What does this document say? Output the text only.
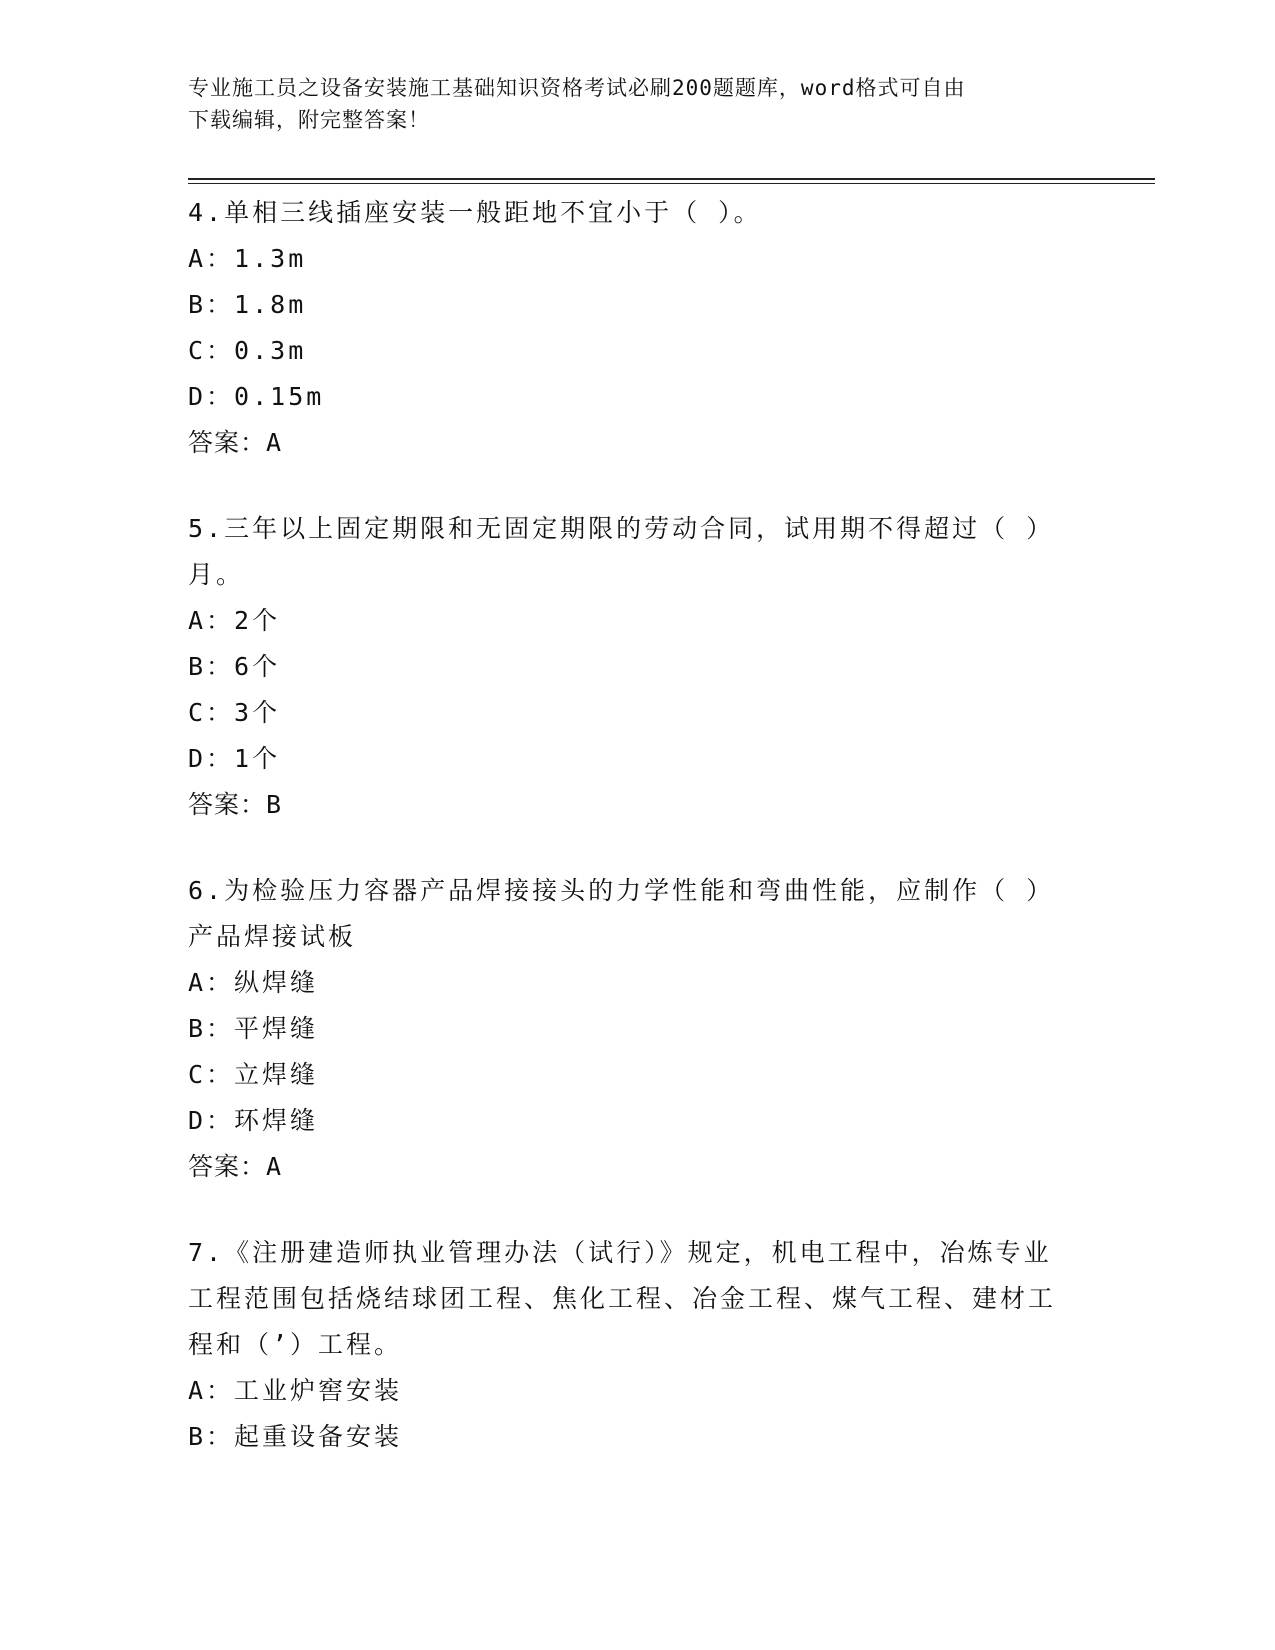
专业施工员之设备安装施工基础知识资格考试必刷200题题库，word格式可自由
下载编辑，附完整答案！
4.单相三线插座安装一般距地不宜小于（ ）。
A：1.3m
B：1.8m
C：0.3m
D：0.15m
答案：A
5.三年以上固定期限和无固定期限的劳动合同，试用期不得超过（ ）月。
A：2个
B：6个
C：3个
D：1个
答案：B
6.为检验压力容器产品焊接接头的力学性能和弯曲性能，应制作（ ）产品焊接试板
A：纵焊缝
B：平焊缝
C：立焊缝
D：环焊缝
答案：A
7.《注册建造师执业管理办法（试行）》规定，机电工程中，冶炼专业工程范围包括烧结球团工程、焦化工程、冶金工程、煤气工程、建材工程和（’）工程。
A：工业炉窖安装
B：起重设备安装
